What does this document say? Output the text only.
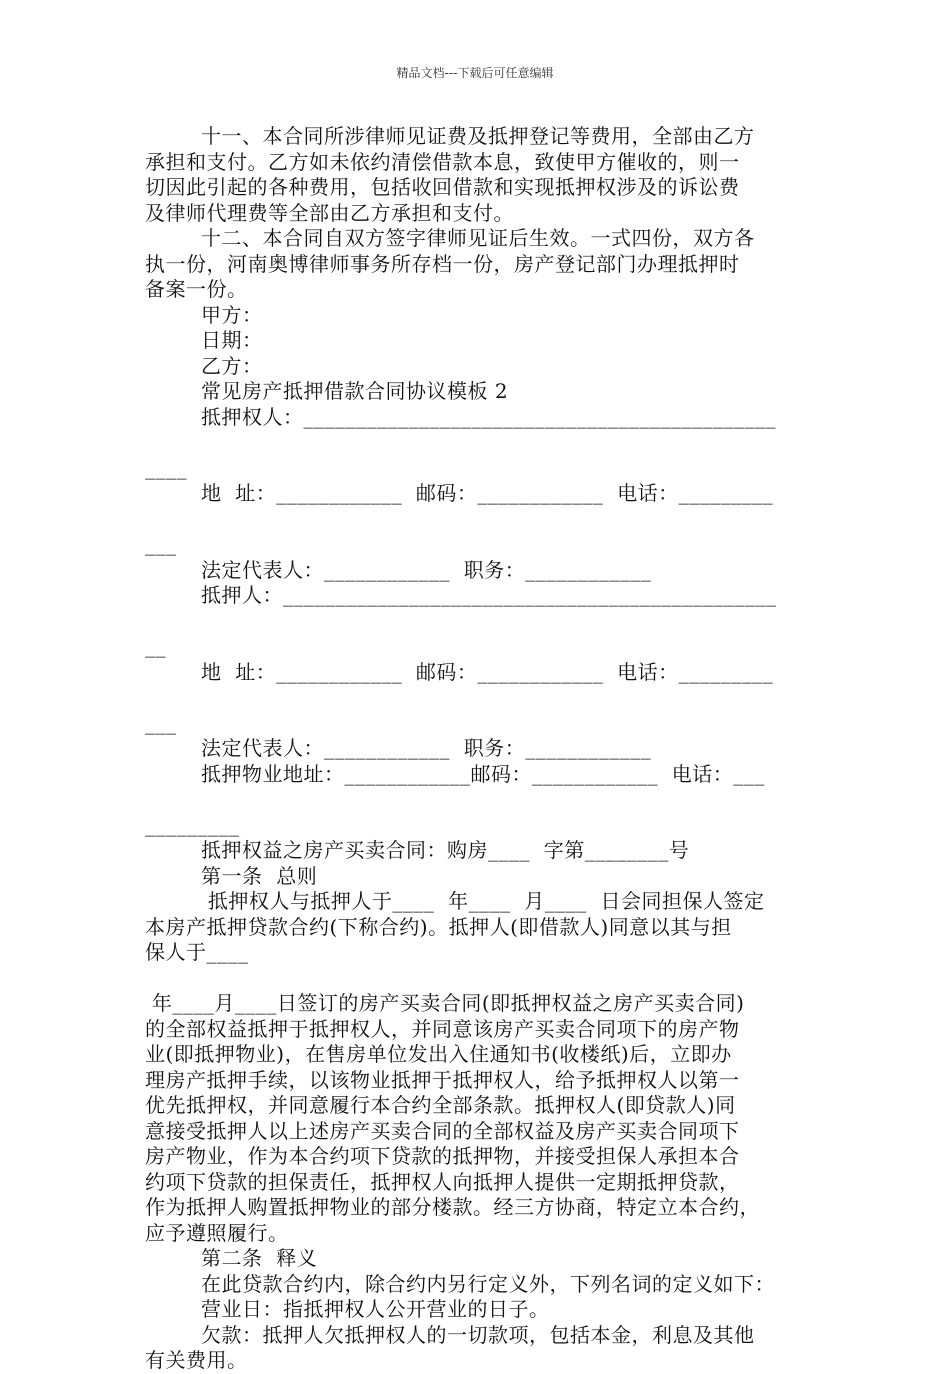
精品文档---下载后可任意编辑
十一、本合同所涉律师见证费及抵押登记等费用，全部由乙方
承担和支付。乙方如未依约清偿借款本息，致使甲方催收的，则一
切因此引起的各种费用，包括收回借款和实现抵押权涉及的诉讼费
及律师代理费等全部由乙方承担和支付。
十二、本合同自双方签字律师见证后生效。一式四份，双方各
执一份，河南奥博律师事务所存档一份，房产登记部门办理抵押时
备案一份。
甲方：
日期：
乙方：
常见房产抵押借款合同协议模板 2
抵押权人：_____________________________________________
____
地  址：____________  邮码：____________  电话：_________
___
法定代表人：____________  职务：____________
抵押人：_______________________________________________
__
地  址：____________  邮码：____________  电话：_________
___
法定代表人：____________  职务：____________
抵押物业地址：____________邮码：____________  电话：___
_________
抵押权益之房产买卖合同：购房____  字第________号
第一条  总则
抵押权人与抵押人于____  年____  月____  日会同担保人签定
本房产抵押贷款合约(下称合约)。抵押人(即借款人)同意以其与担
保人于____
年____月____日签订的房产买卖合同(即抵押权益之房产买卖合同)
的全部权益抵押于抵押权人，并同意该房产买卖合同项下的房产物
业(即抵押物业)，在售房单位发出入住通知书(收楼纸)后，立即办
理房产抵押手续，以该物业抵押于抵押权人，给予抵押权人以第一
优先抵押权，并同意履行本合约全部条款。抵押权人(即贷款人)同
意接受抵押人以上述房产买卖合同的全部权益及房产买卖合同项下
房产物业，作为本合约项下贷款的抵押物，并接受担保人承担本合
约项下贷款的担保责任，抵押权人向抵押人提供一定期抵押贷款，
作为抵押人购置抵押物业的部分楼款。经三方协商，特定立本合约，
应予遵照履行。
第二条  释义
在此贷款合约内，除合约内另行定义外，下列名词的定义如下：
营业日：指抵押权人公开营业的日子。
欠款：抵押人欠抵押权人的一切款项，包括本金，利息及其他
有关费用。
